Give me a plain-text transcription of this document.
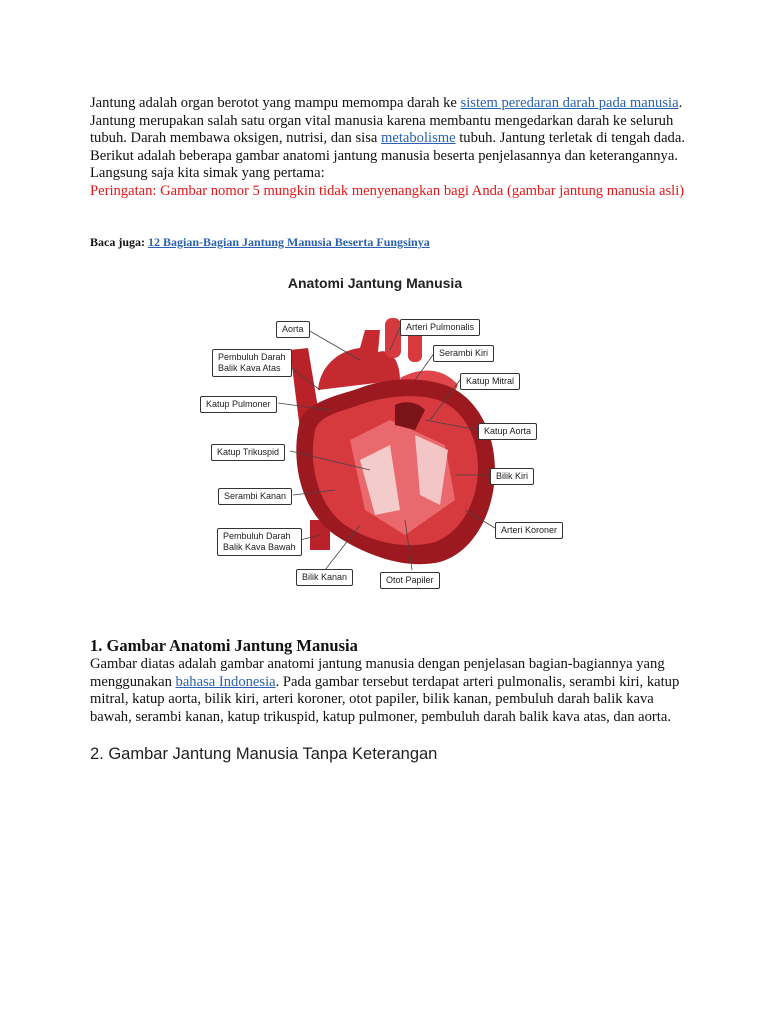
Jantung adalah organ berotot yang mampu memompa darah ke sistem peredaran darah pada manusia. Jantung merupakan salah satu organ vital manusia karena membantu mengedarkan darah ke seluruh tubuh. Darah membawa oksigen, nutrisi, dan sisa metabolisme tubuh. Jantung terletak di tengah dada. Berikut adalah beberapa gambar anatomi jantung manusia beserta penjelasannya dan keterangannya. Langsung saja kita simak yang pertama:

Peringatan: Gambar nomor 5 mungkin tidak menyenangkan bagi Anda (gambar jantung manusia asli)

Baca juga: 12 Bagian-Bagian Jantung Manusia Beserta Fungsinya
Anatomi Jantung Manusia
Aorta
Pembuluh Darah
Balik Kava Atas
Katup Pulmoner
Katup Trikuspid
Serambi Kanan
Pembuluh Darah
Balik Kava Bawah
Bilik Kanan	Otot Papiler
Arteri Koroner
Bilik Kiri
Katup Aorta
Katup Mitral
Serambi Kiri
Arteri Pulmonalis
1. Gambar Anatomi Jantung Manusia

Gambar diatas adalah gambar anatomi jantung manusia dengan penjelasan bagian-bagiannya yang menggunakan bahasa Indonesia. Pada gambar tersebut terdapat arteri pulmonalis, serambi kiri, katup mitral, katup aorta, bilik kiri, arteri koroner, otot papiler, bilik kanan, pembuluh darah balik kava bawah, serambi kanan, katup trikuspid, katup pulmoner, pembuluh darah balik kava atas, dan aorta.

2. Gambar Jantung Manusia Tanpa Keterangan
